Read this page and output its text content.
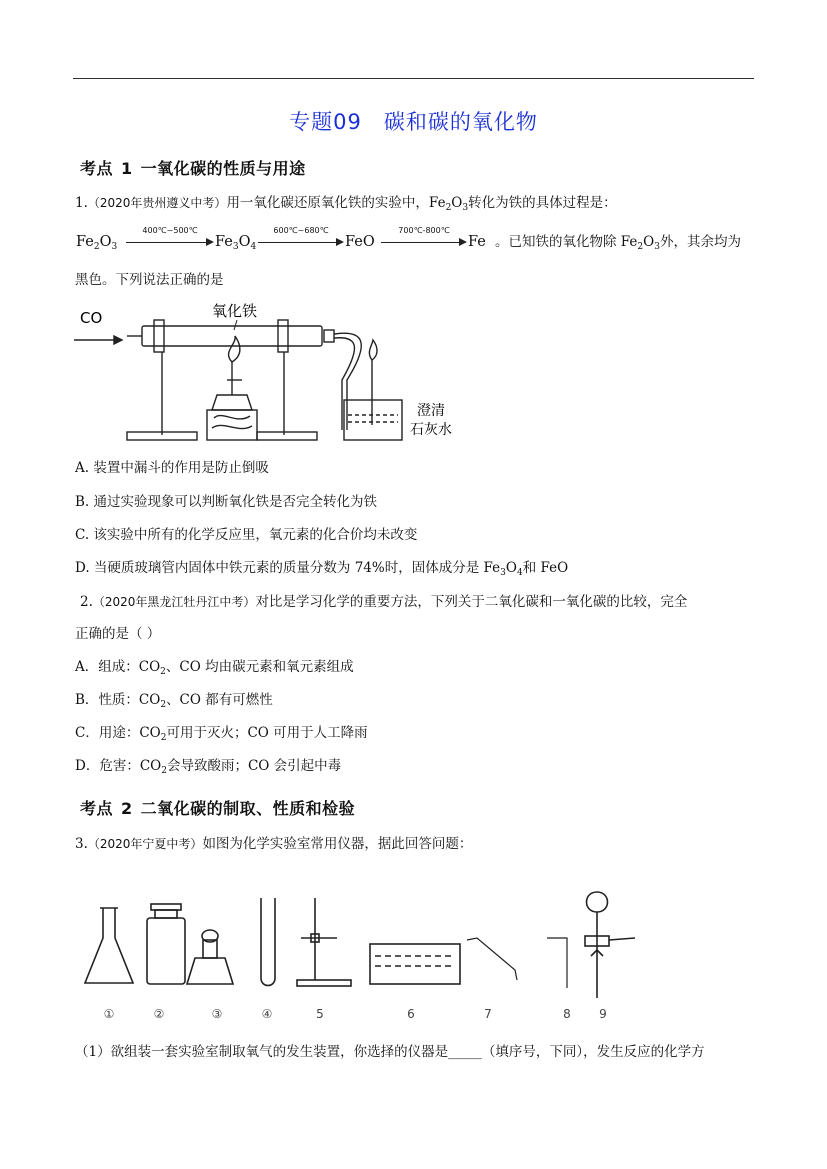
专题09 碳和碳的氧化物
考点 1 一氧化碳的性质与用途
1.（2020年贵州遵义中考）用一氧化碳还原氧化铁的实验中，$Fe_2O_3$转化为铁的具体过程是：
$Fe_2O_3$
400℃~500℃
$Fe_3O_4$
600℃~680℃
FeO
700℃-800℃
Fe 。已知铁的氧化物除 $Fe_2O_3$外，其余均为
黑色。下列说法正确的是
CO	氧化铁
澄清
石灰水
A. 装置中漏斗的作用是防止倒吸
B. 通过实验现象可以判断氧化铁是否完全转化为铁
C. 该实验中所有的化学反应里，氧元素的化合价均未改变
D. 当硬质玻璃管内固体中铁元素的质量分数为 74%时，固体成分是 $Fe_3O_4$和 FeO
2.（2020年黑龙江牡丹江中考）对比是学习化学的重要方法，下列关于二氧化碳和一氧化碳的比较，完全
正确的是（ ）
A．组成：$CO_2$、CO 均由碳元素和氧元素组成
B．性质：$CO_2$、CO 都有可燃性
C．用途：$CO_2$可用于灭火；CO 可用于人工降雨
D．危害：$CO_2$会导致酸雨；CO 会引起中毒
考点 2 二氧化碳的制取、性质和检验
3.（2020年宁夏中考）如图为化学实验室常用仪器，据此回答问题：
①	②	③	④	5	6	7	8 9
（1）欲组装一套实验室制取氧气的发生装置，你选择的仪器是_____（填序号，下同），发生反应的化学方
